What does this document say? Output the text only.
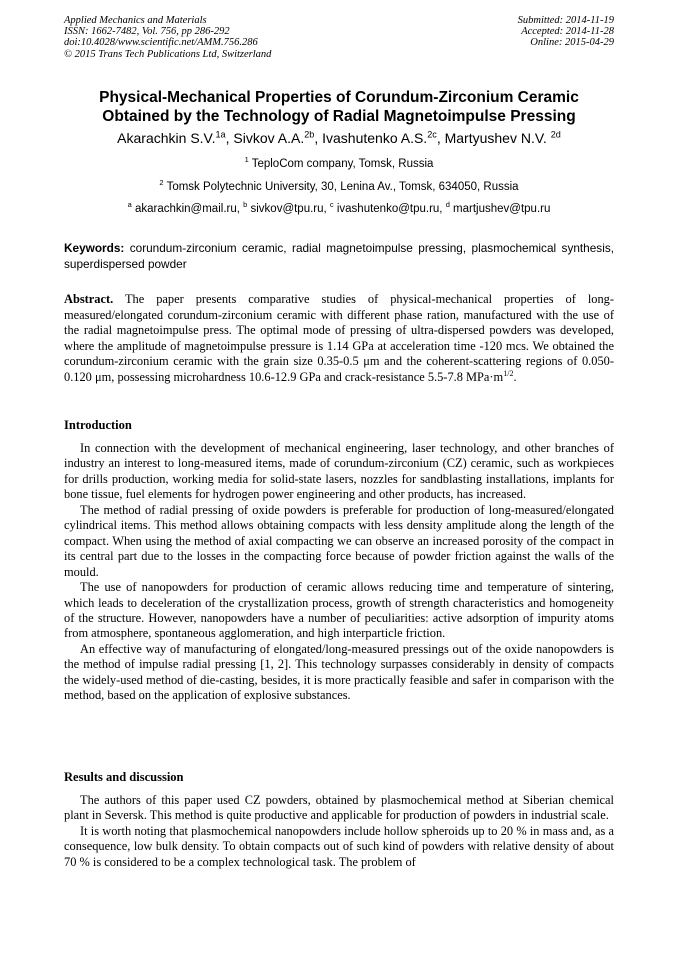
Applied Mechanics and Materials
ISSN: 1662-7482, Vol. 756, pp 286-292
doi:10.4028/www.scientific.net/AMM.756.286
© 2015 Trans Tech Publications Ltd, Switzerland
Submitted: 2014-11-19
Accepted: 2014-11-28
Online: 2015-04-29
Physical-Mechanical Properties of Corundum-Zirconium Ceramic
Obtained by the Technology of Radial Magnetoimpulse Pressing
Akarachkin S.V.$^{1a}$, Sivkov A.A.$^{2b}$, Ivashutenko A.S.$^{2c}$, Martyushev N.V. $^{2d}$
$^1$ TeploCom company, Tomsk, Russia
$^2$ Tomsk Polytechnic University, 30, Lenina Av., Tomsk, 634050, Russia
$^a$ akarachkin@mail.ru, $^b$ sivkov@tpu.ru, $^c$ ivashutenko@tpu.ru, $^d$ martjushev@tpu.ru
Keywords: corundum-zirconium ceramic, radial magnetoimpulse pressing, plasmochemical synthesis, superdispersed powder
Abstract. The paper presents comparative studies of physical-mechanical properties of long-measured/elongated corundum-zirconium ceramic with different phase ration, manufactured with the use of the radial magnetoimpulse press. The optimal mode of pressing of ultra-dispersed powders was developed, where the amplitude of magnetoimpulse pressure is 1.14 GPa at acceleration time -120 mcs. We obtained the corundum-zirconium ceramic with the grain size 0.35-0.5 μm and the coherent-scattering regions of 0.050-0.120 μm, possessing microhardness 10.6-12.9 GPa and crack-resistance 5.5-7.8 $MPa\cdot m^{1/2}$.
Introduction

In connection with the development of mechanical engineering, laser technology, and other branches of industry an interest to long-measured items, made of corundum-zirconium (CZ) ceramic, such as workpieces for drills production, working media for solid-state lasers, nozzles for sandblasting installations, implants for bone tissue, fuel elements for hydrogen power engineering and other products, has increased.

The method of radial pressing of oxide powders is preferable for production of long-measured/elongated cylindrical items. This method allows obtaining compacts with less density amplitude along the length of the compact. When using the method of axial compacting we can observe an increased porosity of the compact in its central part due to the losses in the compacting force because of powder friction against the walls of the mould.

The use of nanopowders for production of ceramic allows reducing time and temperature of sintering, which leads to deceleration of the crystallization process, growth of strength characteristics and homogeneity of the structure. However, nanopowders have a number of peculiarities: active adsorption of impurity atoms from atmosphere, spontaneous agglomeration, and high interparticle friction.

An effective way of manufacturing of elongated/long-measured pressings out of the oxide nanopowders is the method of impulse radial pressing [1, 2]. This technology surpasses considerably in density of compacts the widely-used method of die-casting, besides, it is more practically feasible and safer in comparison with the method, based on the application of explosive substances.

Results and discussion

The authors of this paper used CZ powders, obtained by plasmochemical method at Siberian chemical plant in Seversk. This method is quite productive and applicable for production of powders in industrial scale.

It is worth noting that plasmochemical nanopowders include hollow spheroids up to 20 % in mass and, as a consequence, low bulk density. To obtain compacts out of such kind of powders with relative density of about 70 % is considered to be a complex technological task. The problem of
